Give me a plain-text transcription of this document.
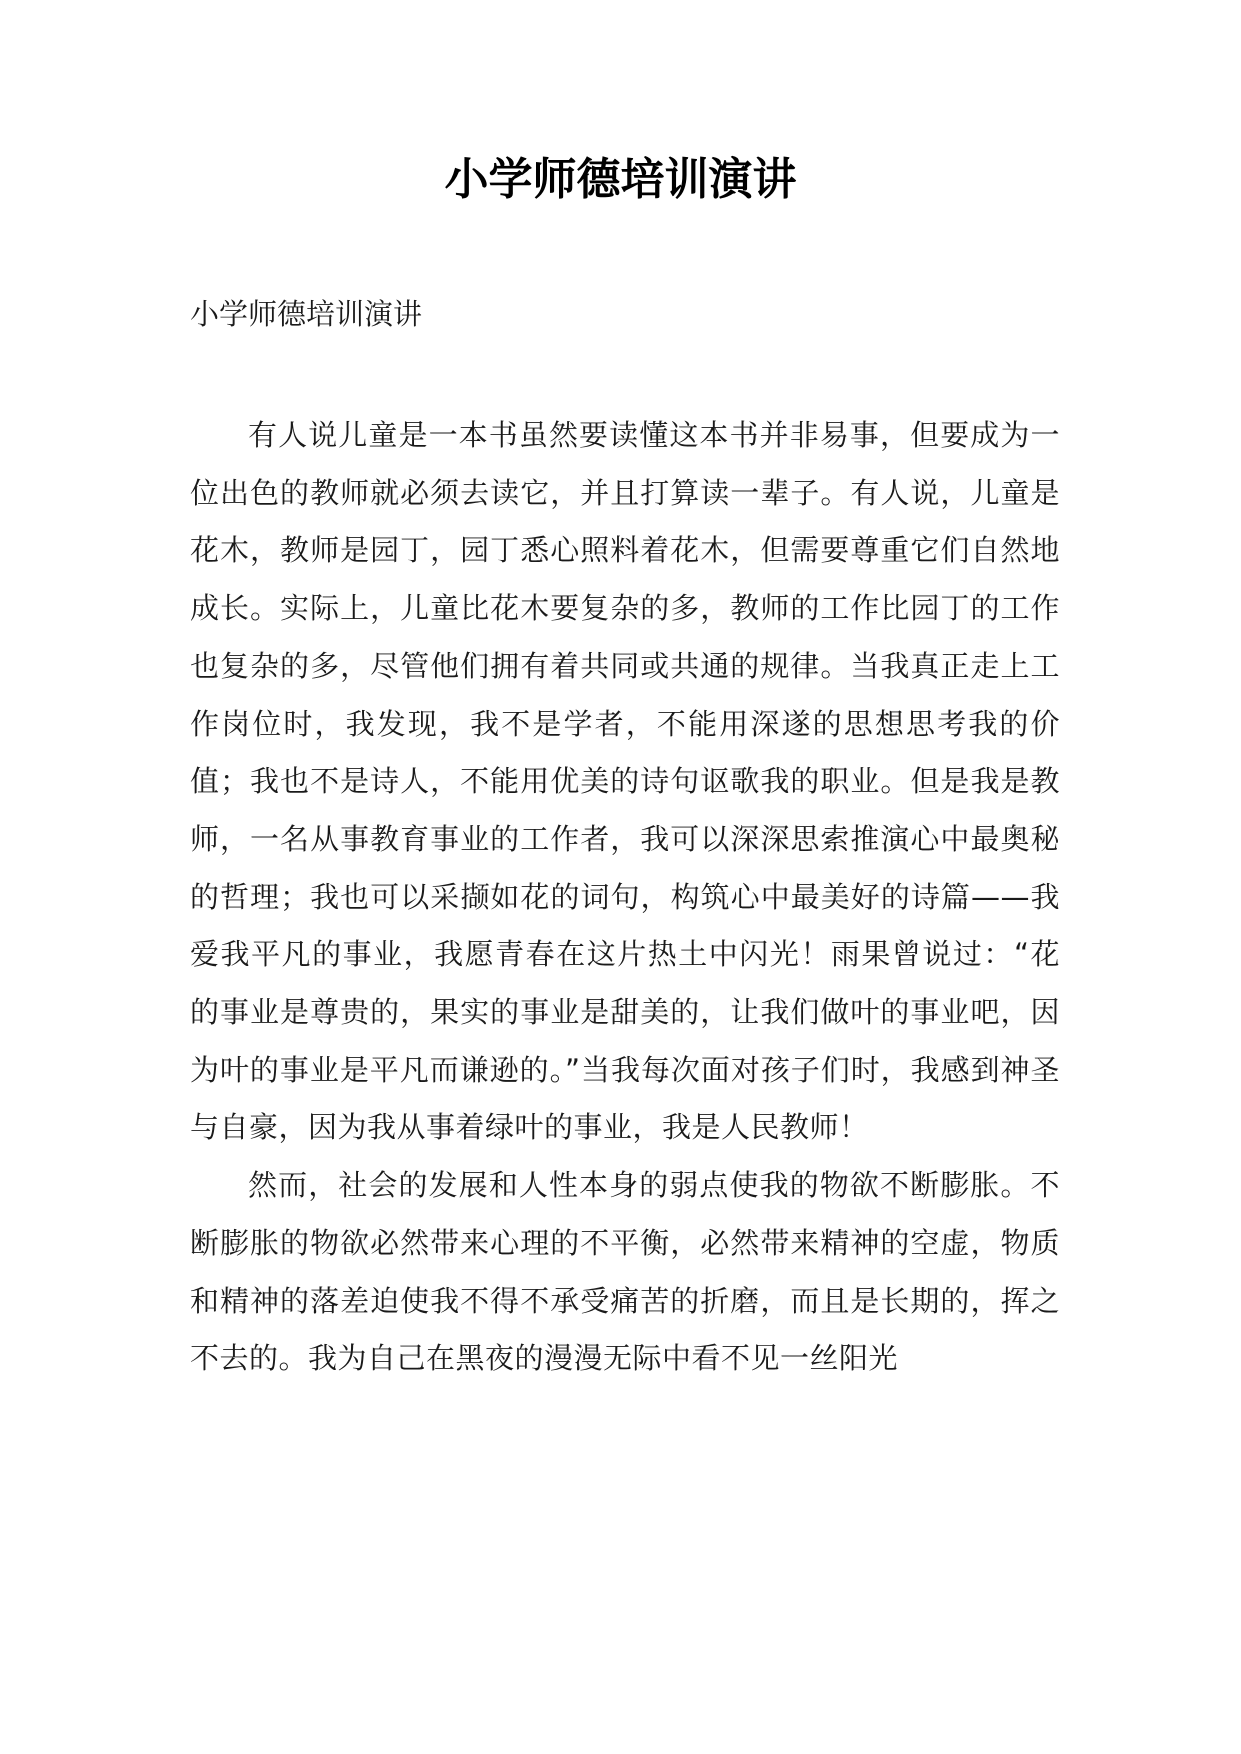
小学师德培训演讲

小学师德培训演讲

有人说儿童是一本书虽然要读懂这本书并非易事，但要成为一位出色的教师就必须去读它，并且打算读一辈子。有人说，儿童是花木，教师是园丁，园丁悉心照料着花木，但需要尊重它们自然地成长。实际上，儿童比花木要复杂的多，教师的工作比园丁的工作也复杂的多，尽管他们拥有着共同或共通的规律。当我真正走上工作岗位时，我发现，我不是学者，不能用深遂的思想思考我的价值；我也不是诗人，不能用优美的诗句讴歌我的职业。但是我是教师，一名从事教育事业的工作者，我可以深深思索推演心中最奥秘的哲理；我也可以采撷如花的词句，构筑心中最美好的诗篇——我爱我平凡的事业，我愿青春在这片热土中闪光！雨果曾说过：“花的事业是尊贵的，果实的事业是甜美的，让我们做叶的事业吧，因为叶的事业是平凡而谦逊的。”当我每次面对孩子们时，我感到神圣与自豪，因为我从事着绿叶的事业，我是人民教师！

然而，社会的发展和人性本身的弱点使我的物欲不断膨胀。不断膨胀的物欲必然带来心理的不平衡，必然带来精神的空虚，物质和精神的落差迫使我不得不承受痛苦的折磨，而且是长期的，挥之不去的。我为自己在黑夜的漫漫无际中看不见一丝阳光
